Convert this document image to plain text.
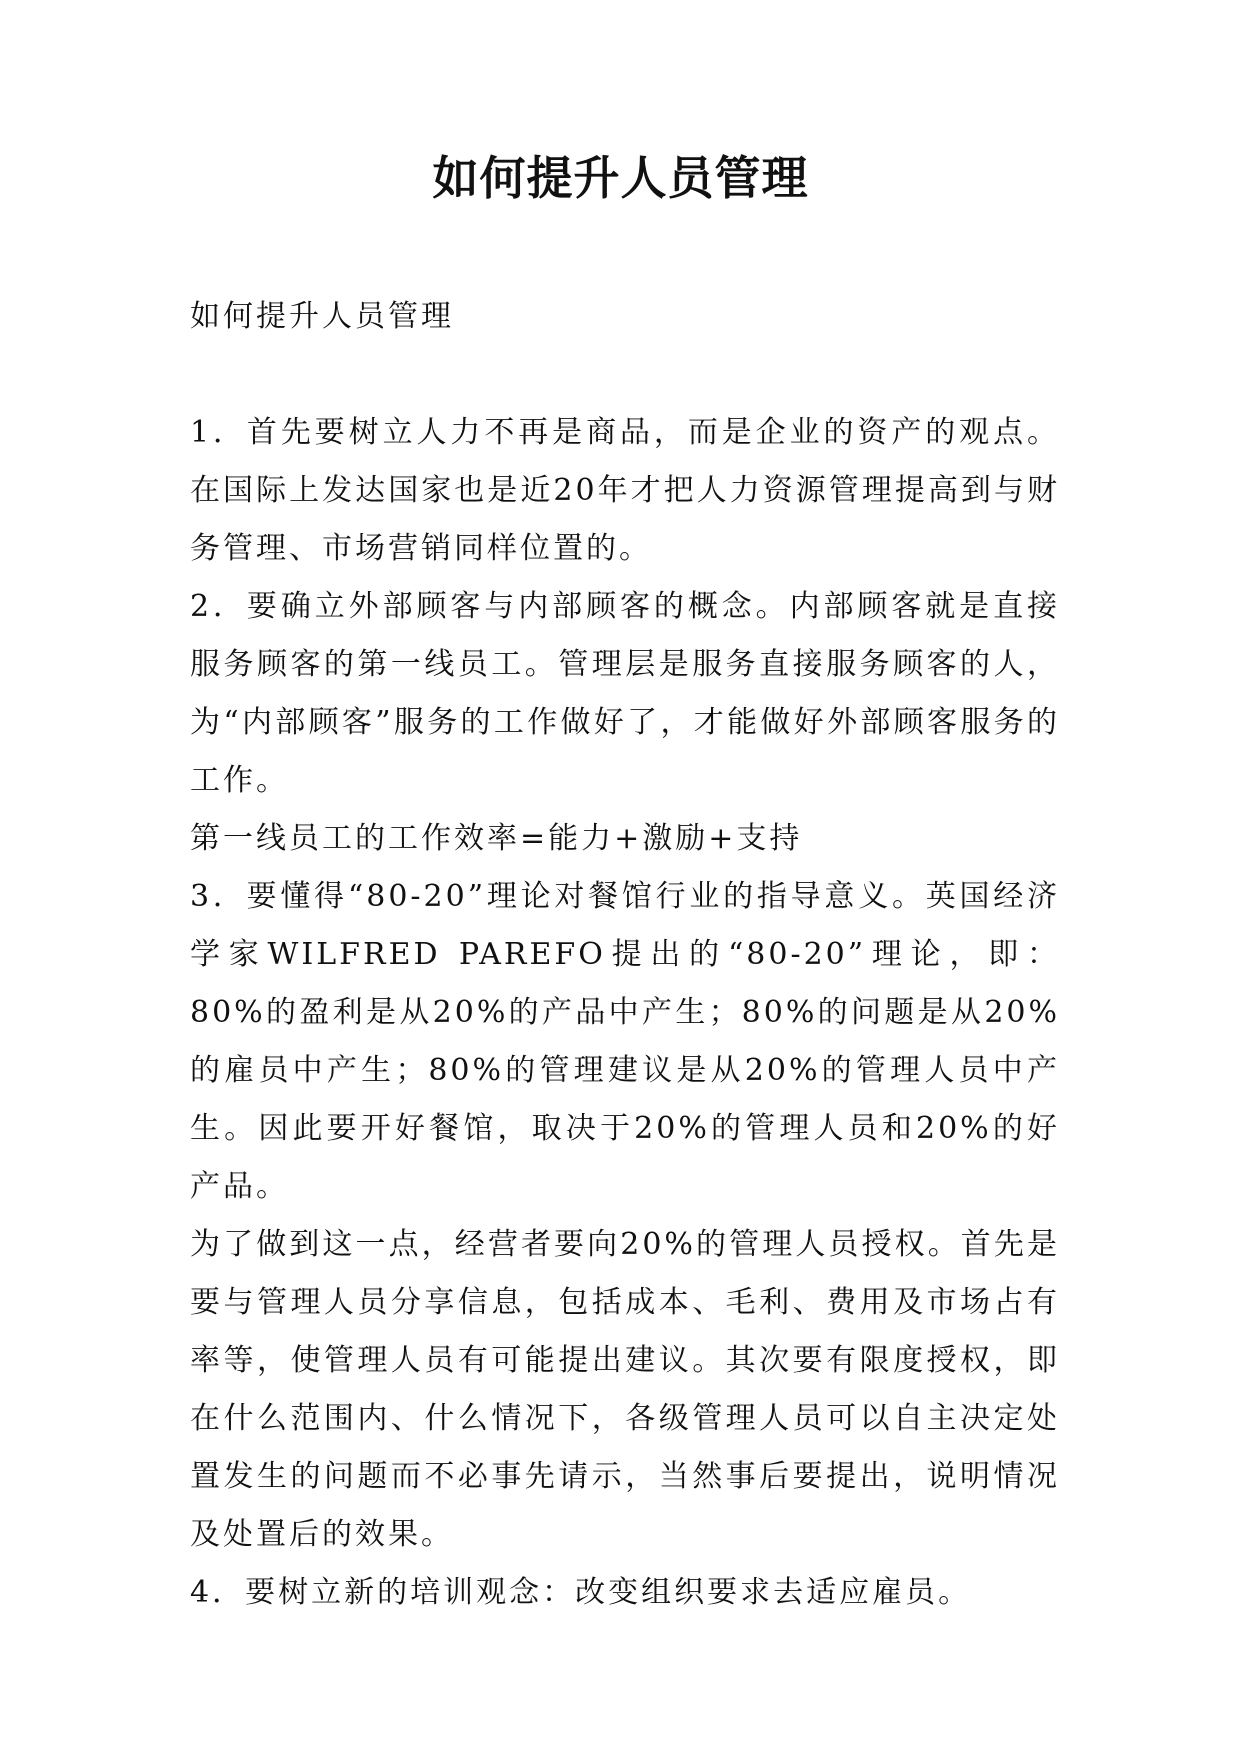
如何提升人员管理

如何提升人员管理

1．首先要树立人力不再是商品，而是企业的资产的观点。在国际上发达国家也是近20年才把人力资源管理提高到与财务管理、市场营销同样位置的。

2．要确立外部顾客与内部顾客的概念。内部顾客就是直接服务顾客的第一线员工。管理层是服务直接服务顾客的人，为“内部顾客”服务的工作做好了，才能做好外部顾客服务的工作。

第一线员工的工作效率=能力+激励+支持

3．要懂得“80-20”理论对餐馆行业的指导意义。英国经济学家WILFRED PAREFO提出的“80-20”理论，即：80%的盈利是从20%的产品中产生；80%的问题是从20%的雇员中产生；80%的管理建议是从20%的管理人员中产生。因此要开好餐馆，取决于20%的管理人员和20%的好产品。

为了做到这一点，经营者要向20%的管理人员授权。首先是要与管理人员分享信息，包括成本、毛利、费用及市场占有率等，使管理人员有可能提出建议。其次要有限度授权，即在什么范围内、什么情况下，各级管理人员可以自主决定处置发生的问题而不必事先请示，当然事后要提出，说明情况及处置后的效果。

4．要树立新的培训观念：改变组织要求去适应雇员。
